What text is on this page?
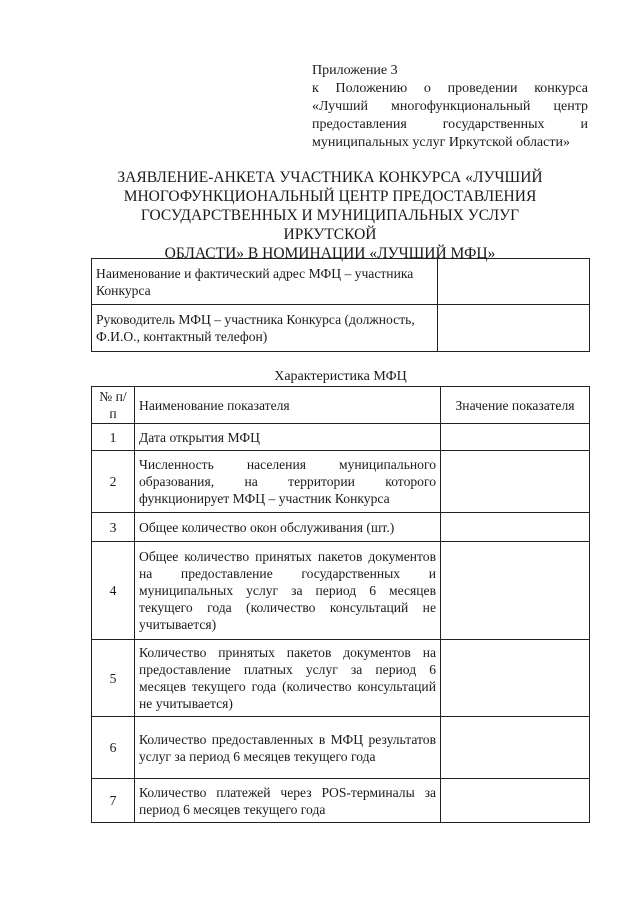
Приложение 3
к Положению о проведении конкурса
«Лучший многофункциональный центр
предоставления государственных и
муниципальных услуг Иркутской области»
ЗАЯВЛЕНИЕ-АНКЕТА УЧАСТНИКА КОНКУРСА «ЛУЧШИЙ
МНОГОФУНКЦИОНАЛЬНЫЙ ЦЕНТР ПРЕДОСТАВЛЕНИЯ
ГОСУДАРСТВЕННЫХ И МУНИЦИПАЛЬНЫХ УСЛУГ ИРКУТСКОЙ
ОБЛАСТИ» В НОМИНАЦИИ «ЛУЧШИЙ МФЦ»
Наименование и фактический адрес МФЦ – участника Конкурса	
Руководитель МФЦ – участника Конкурса (должность, Ф.И.О., контактный телефон)	
Характеристика МФЦ
№ п/п	Наименование показателя	Значение показателя
1	Дата открытия МФЦ	
2	Численность населения муниципального образования, на территории которого функционирует МФЦ – участник Конкурса	
3	Общее количество окон обслуживания (шт.)	
4	Общее количество принятых пакетов документов на предоставление государственных и муниципальных услуг за период 6 месяцев текущего года (количество консультаций не учитывается)	
5	Количество принятых пакетов документов на предоставление платных услуг за период 6 месяцев текущего года (количество консультаций не учитывается)	
6	Количество предоставленных в МФЦ результатов услуг за период 6 месяцев текущего года	
7	Количество платежей через POS-терминалы за период 6 месяцев текущего года	
